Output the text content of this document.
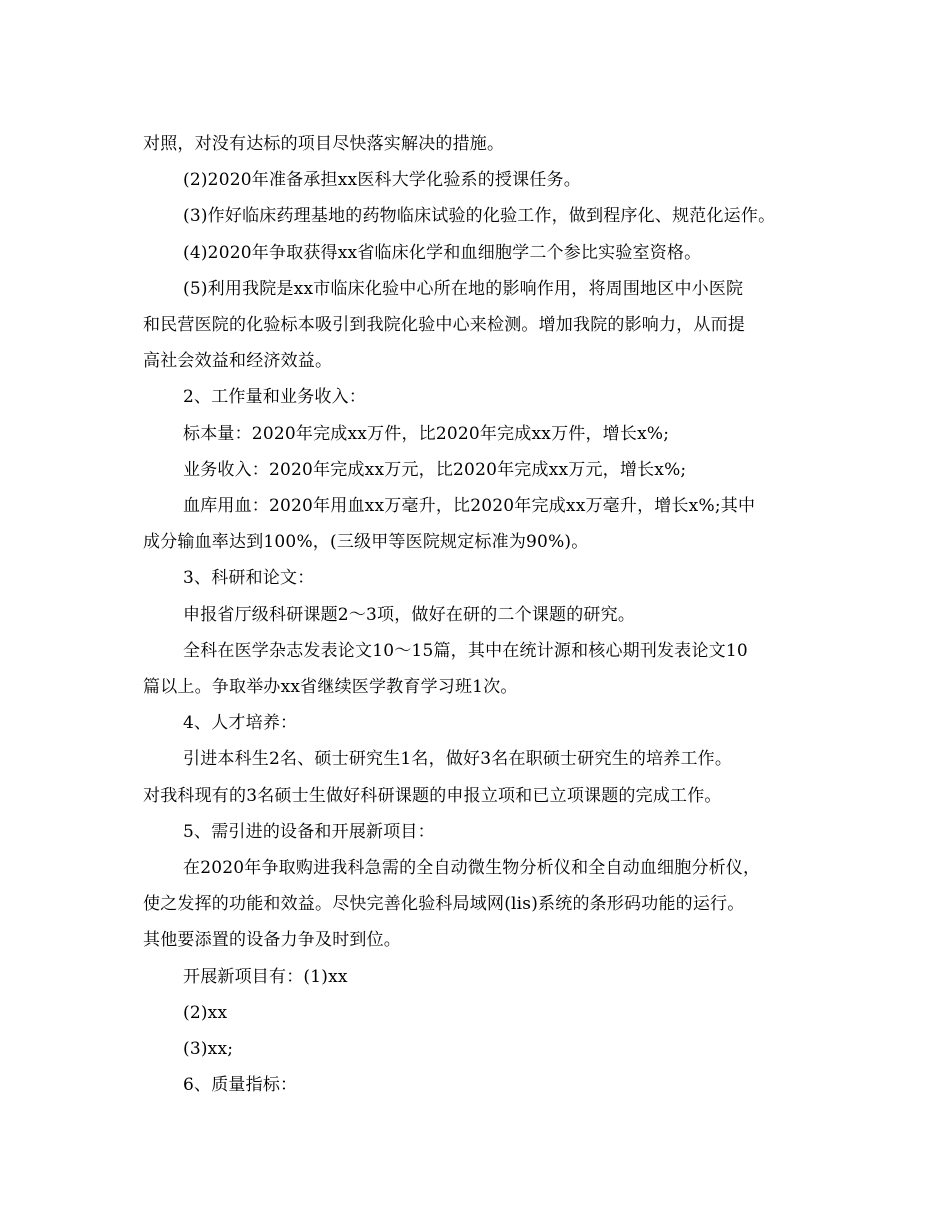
对照，对没有达标的项目尽快落实解决的措施。
(2)2020年准备承担xx医科大学化验系的授课任务。
(3)作好临床药理基地的药物临床试验的化验工作，做到程序化、规范化运作。
(4)2020年争取获得xx省临床化学和血细胞学二个参比实验室资格。
(5)利用我院是xx市临床化验中心所在地的影响作用，将周围地区中小医院
和民营医院的化验标本吸引到我院化验中心来检测。增加我院的影响力，从而提
高社会效益和经济效益。
2、工作量和业务收入：
标本量：2020年完成xx万件，比2020年完成xx万件，增长x%;
业务收入：2020年完成xx万元，比2020年完成xx万元，增长x%;
血库用血：2020年用血xx万毫升，比2020年完成xx万毫升，增长x%;其中
成分输血率达到100%，(三级甲等医院规定标准为90%)。
3、科研和论文：
申报省厅级科研课题2～3项，做好在研的二个课题的研究。
全科在医学杂志发表论文10～15篇，其中在统计源和核心期刊发表论文10
篇以上。争取举办xx省继续医学教育学习班1次。
4、人才培养：
引进本科生2名、硕士研究生1名，做好3名在职硕士研究生的培养工作。
对我科现有的3名硕士生做好科研课题的申报立项和已立项课题的完成工作。
5、需引进的设备和开展新项目：
在2020年争取购进我科急需的全自动微生物分析仪和全自动血细胞分析仪，
使之发挥的功能和效益。尽快完善化验科局域网(lis)系统的条形码功能的运行。
其他要添置的设备力争及时到位。
开展新项目有：(1)xx
(2)xx
(3)xx;
6、质量指标：
